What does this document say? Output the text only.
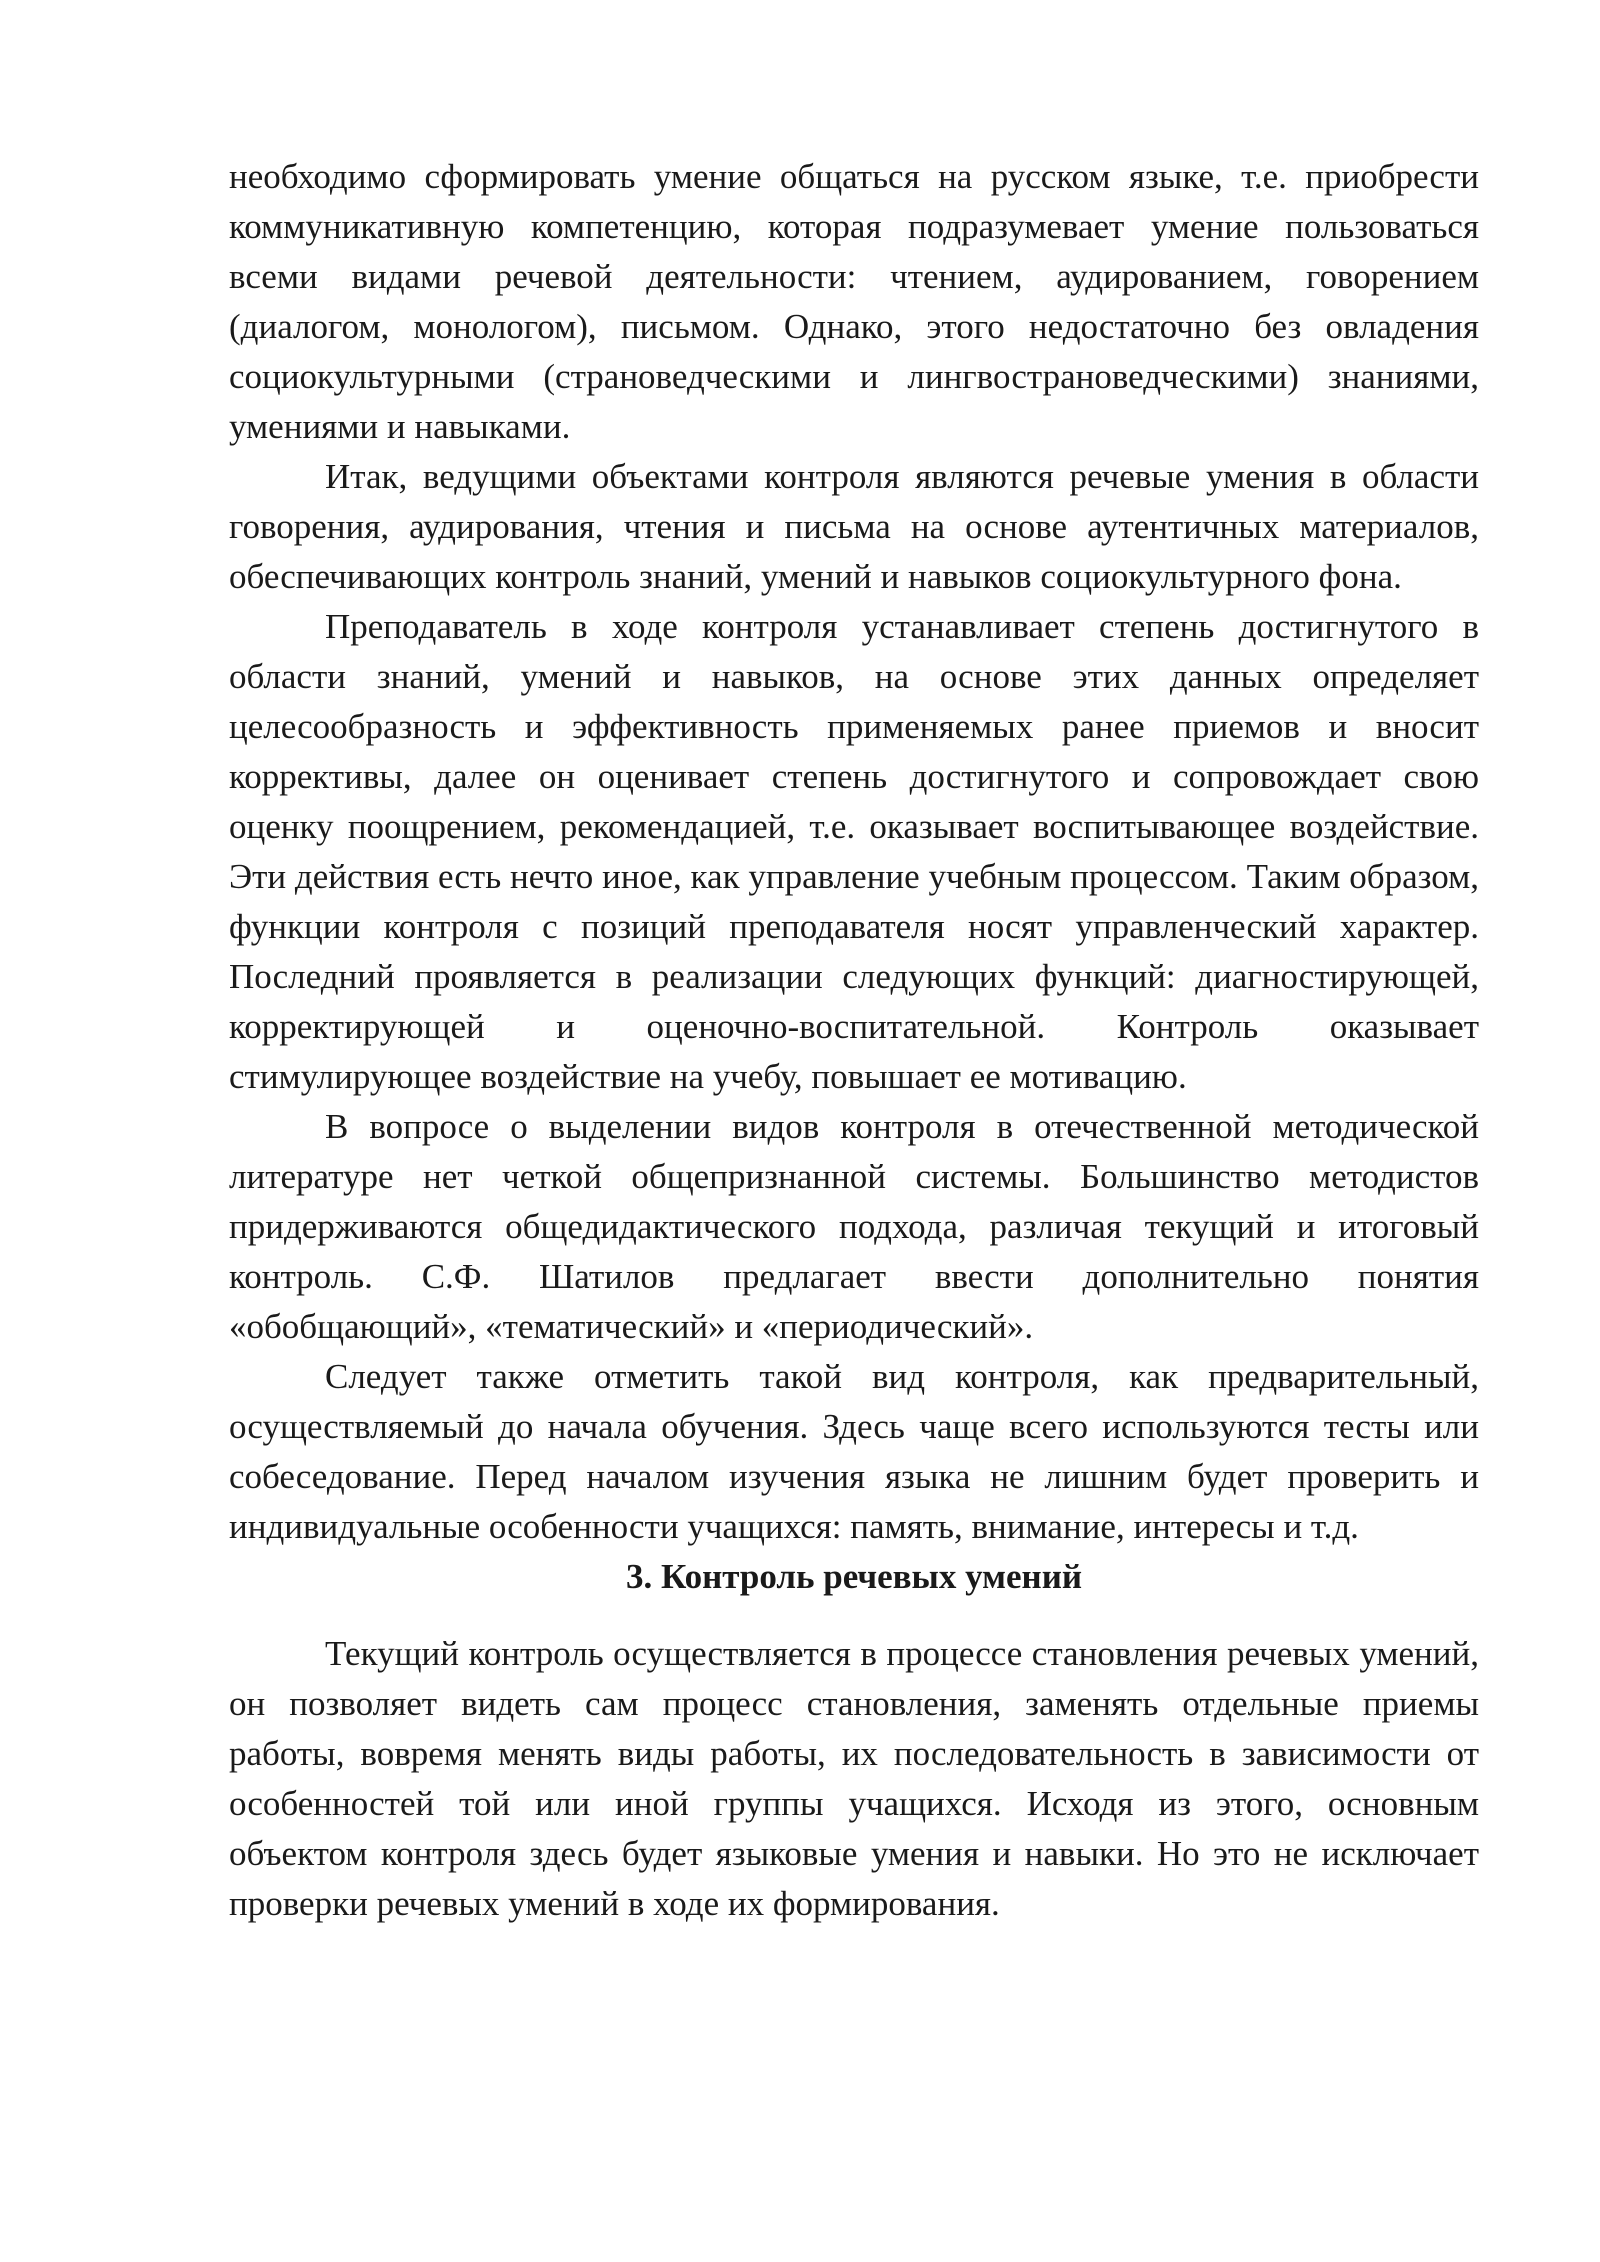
необходимо сформировать умение общаться на русском языке, т.е. приобрести коммуникативную компетенцию, которая подразумевает умение пользоваться всеми видами речевой деятельности: чтением, аудированием, говорением (диалогом, монологом), письмом. Однако, этого недостаточно без овладения социокультурными (страноведческими и лингвострановедческими) знаниями, умениями и навыками.

Итак, ведущими объектами контроля являются речевые умения в области говорения, аудирования, чтения и письма на основе аутентичных материалов, обеспечивающих контроль знаний, умений и навыков социокультурного фона.

Преподаватель в ходе контроля устанавливает степень достигнутого в области знаний, умений и навыков, на основе этих данных определяет целесообразность и эффективность применяемых ранее приемов и вносит коррективы, далее он оценивает степень достигнутого и сопровождает свою оценку поощрением, рекомендацией, т.е. оказывает воспитывающее воздействие. Эти действия есть нечто иное, как управление учебным процессом. Таким образом, функции контроля с позиций преподавателя носят управленческий характер. Последний проявляется в реализации следующих функций: диагностирующей, корректирующей и оценочно-воспитательной. Контроль оказывает стимулирующее воздействие на учебу, повышает ее мотивацию.

В вопросе о выделении видов контроля в отечественной методической литературе нет четкой общепризнанной системы. Большинство методистов придерживаются общедидактического подхода, различая текущий и итоговый контроль. С.Ф. Шатилов предлагает ввести дополнительно понятия «обобщающий», «тематический» и «периодический».

Следует также отметить такой вид контроля, как предварительный, осуществляемый до начала обучения. Здесь чаще всего используются тесты или собеседование. Перед началом изучения языка не лишним будет проверить и индивидуальные особенности учащихся: память, внимание, интересы и т.д.

3. Контроль речевых умений

Текущий контроль осуществляется в процессе становления речевых умений, он позволяет видеть сам процесс становления, заменять отдельные приемы работы, вовремя менять виды работы, их последовательность в зависимости от особенностей той или иной группы учащихся. Исходя из этого, основным объектом контроля здесь будет языковые умения и навыки. Но это не исключает проверки речевых умений в ходе их формирования.
